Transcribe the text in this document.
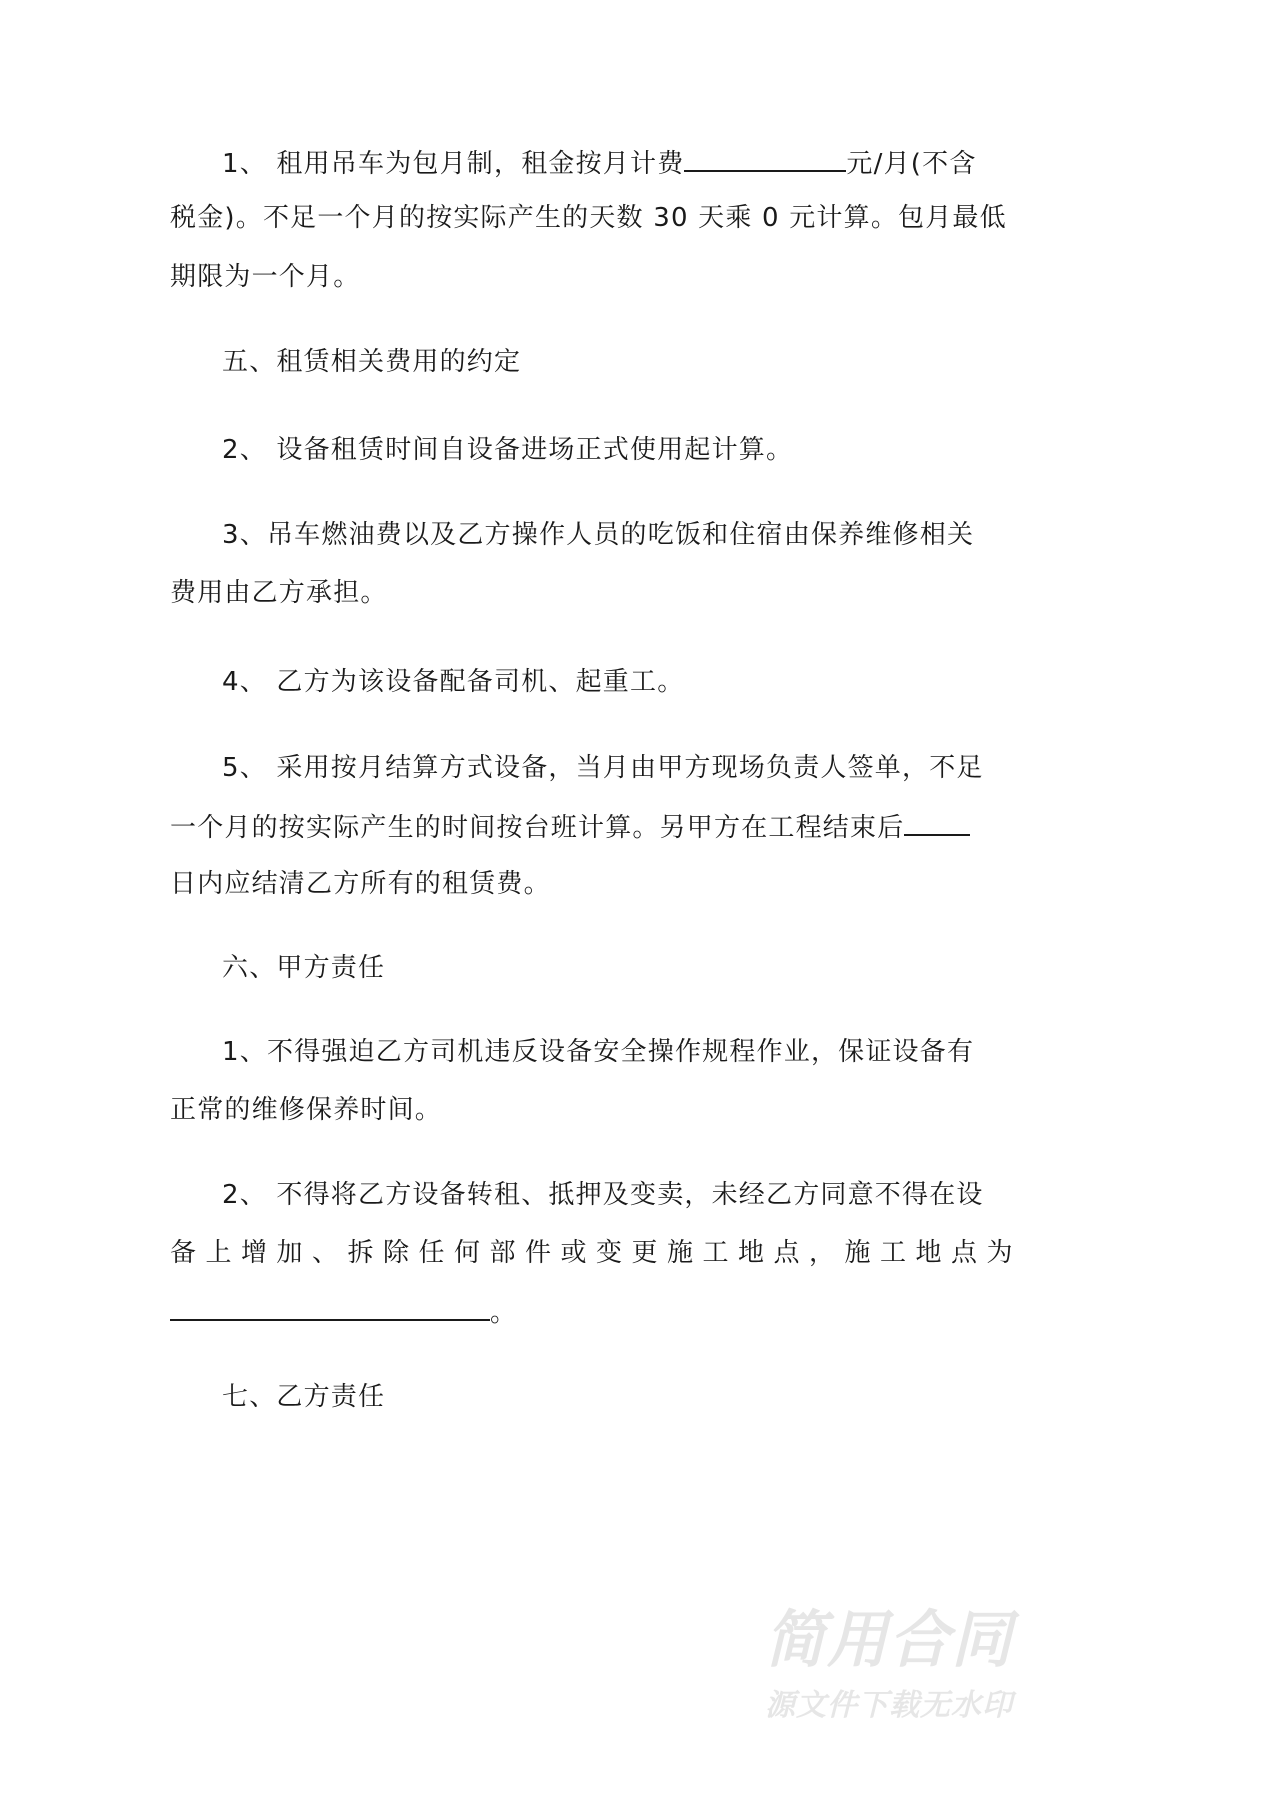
1、 租用吊车为包月制，租金按月计费	元/月(不含
税金)。不足一个月的按实际产生的天数 30 天乘 0 元计算。包月最低
期限为一个月。
五、租赁相关费用的约定
2、 设备租赁时间自设备进场正式使用起计算。
3、吊车燃油费以及乙方操作人员的吃饭和住宿由保养维修相关
费用由乙方承担。
4、 乙方为该设备配备司机、起重工。
5、 采用按月结算方式设备，当月由甲方现场负责人签单，不足
一个月的按实际产生的时间按台班计算。另甲方在工程结束后
日内应结清乙方所有的租赁费。
六、甲方责任
1、不得强迫乙方司机违反设备安全操作规程作业，保证设备有
正常的维修保养时间。
2、 不得将乙方设备转租、抵押及变卖，未经乙方同意不得在设
备上增加、拆除任何部件或变更施工地点，施工地点为
。
七、乙方责任
简用合同
源文件下载无水印
